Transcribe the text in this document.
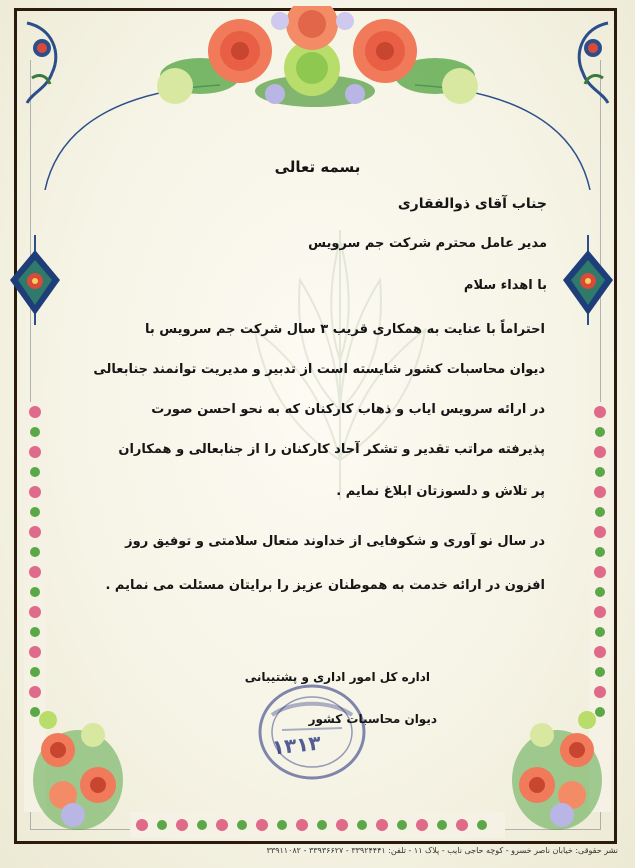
بسمه تعالی
جناب آقای ذوالفقاری
مدیر عامل محترم شرکت جم سرویس
با اهداء سلام
احتراماً با عنایت به همکاری قریب ۳ سال شرکت جم سرویس با
دیوان محاسبات کشور شایسته است از تدبیر و مدیریت توانمند جنابعالی
در ارائه سرویس ایاب و ذهاب کارکنان که به نحو احسن صورت
پذیرفته مراتب تقدیر و تشکر آحاد کارکنان را از جنابعالی و همکاران
پر تلاش و دلسوزتان ابلاغ نمایم .
در سال نو آوری و شکوفایی از خداوند متعال سلامتی و توفیق روز
افزون در ارائه خدمت به هموطنان عزیز را برایتان مسئلت می نمایم .
۱۳۱۳
اداره کل امور اداری و پشتیبانی
دیوان محاسبات کشور
نشر حقوقی: خیابان ناصر خسرو - کوچه حاجی نایب - پلاک ۱۱ - تلفن: ۳۳۹۲۴۴۴۱ - ۳۳۹۳۶۶۲۷ - ۳۳۹۱۱۰۸۲
